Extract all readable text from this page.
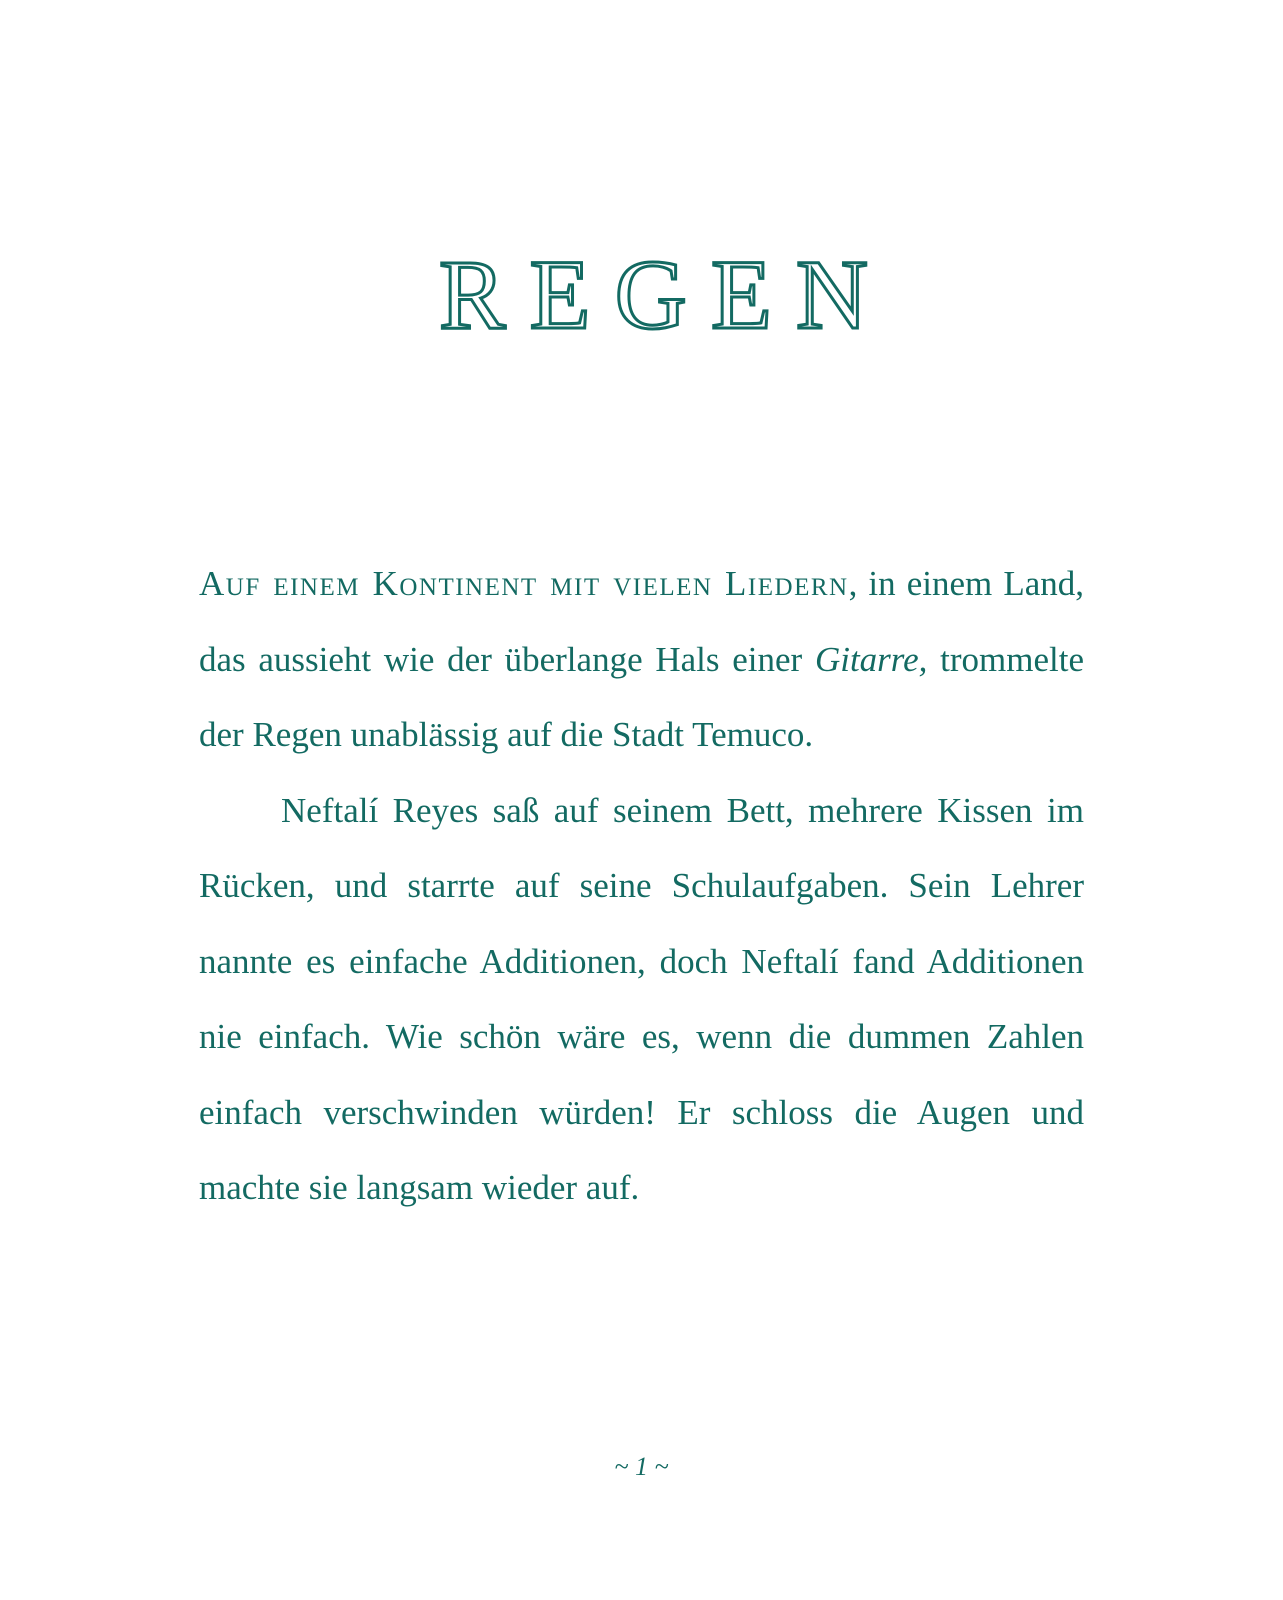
REGEN

Auf einem Kontinent mit vielen Liedern, in einem Land, das aussieht wie der überlange Hals einer Gitarre, trommelte der Regen unablässig auf die Stadt Temuco.

Neftalí Reyes saß auf seinem Bett, mehrere Kissen im Rücken, und starrte auf seine Schulaufgaben. Sein Lehrer nannte es einfache Additionen, doch Neftalí fand Additionen nie einfach. Wie schön wäre es, wenn die dummen Zahlen einfach verschwinden würden! Er schloss die Augen und machte sie langsam wieder auf.

~ 1 ~
